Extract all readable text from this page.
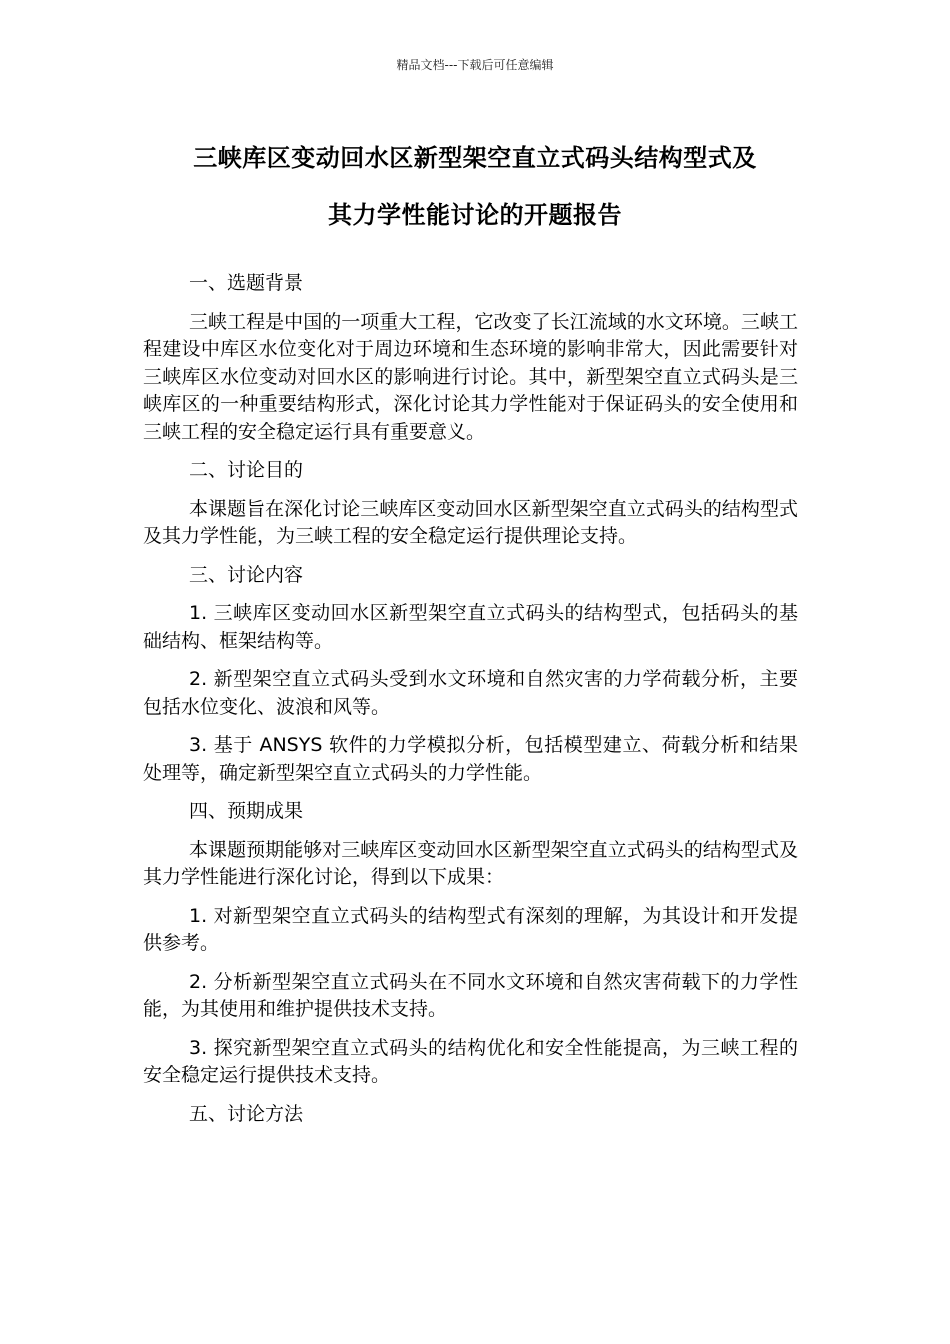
精品文档---下载后可任意编辑
三峡库区变动回水区新型架空直立式码头结构型式及
其力学性能讨论的开题报告

一、选题背景

三峡工程是中国的一项重大工程，它改变了长江流域的水文环境。三峡工程建设中库区水位变化对于周边环境和生态环境的影响非常大，因此需要针对三峡库区水位变动对回水区的影响进行讨论。其中，新型架空直立式码头是三峡库区的一种重要结构形式，深化讨论其力学性能对于保证码头的安全使用和三峡工程的安全稳定运行具有重要意义。

二、讨论目的

本课题旨在深化讨论三峡库区变动回水区新型架空直立式码头的结构型式及其力学性能，为三峡工程的安全稳定运行提供理论支持。

三、讨论内容

1. 三峡库区变动回水区新型架空直立式码头的结构型式，包括码头的基础结构、框架结构等。

2. 新型架空直立式码头受到水文环境和自然灾害的力学荷载分析，主要包括水位变化、波浪和风等。

3. 基于 ANSYS 软件的力学模拟分析，包括模型建立、荷载分析和结果处理等，确定新型架空直立式码头的力学性能。

四、预期成果

本课题预期能够对三峡库区变动回水区新型架空直立式码头的结构型式及其力学性能进行深化讨论，得到以下成果：

1. 对新型架空直立式码头的结构型式有深刻的理解，为其设计和开发提供参考。

2. 分析新型架空直立式码头在不同水文环境和自然灾害荷载下的力学性能，为其使用和维护提供技术支持。

3. 探究新型架空直立式码头的结构优化和安全性能提高，为三峡工程的安全稳定运行提供技术支持。

五、讨论方法
